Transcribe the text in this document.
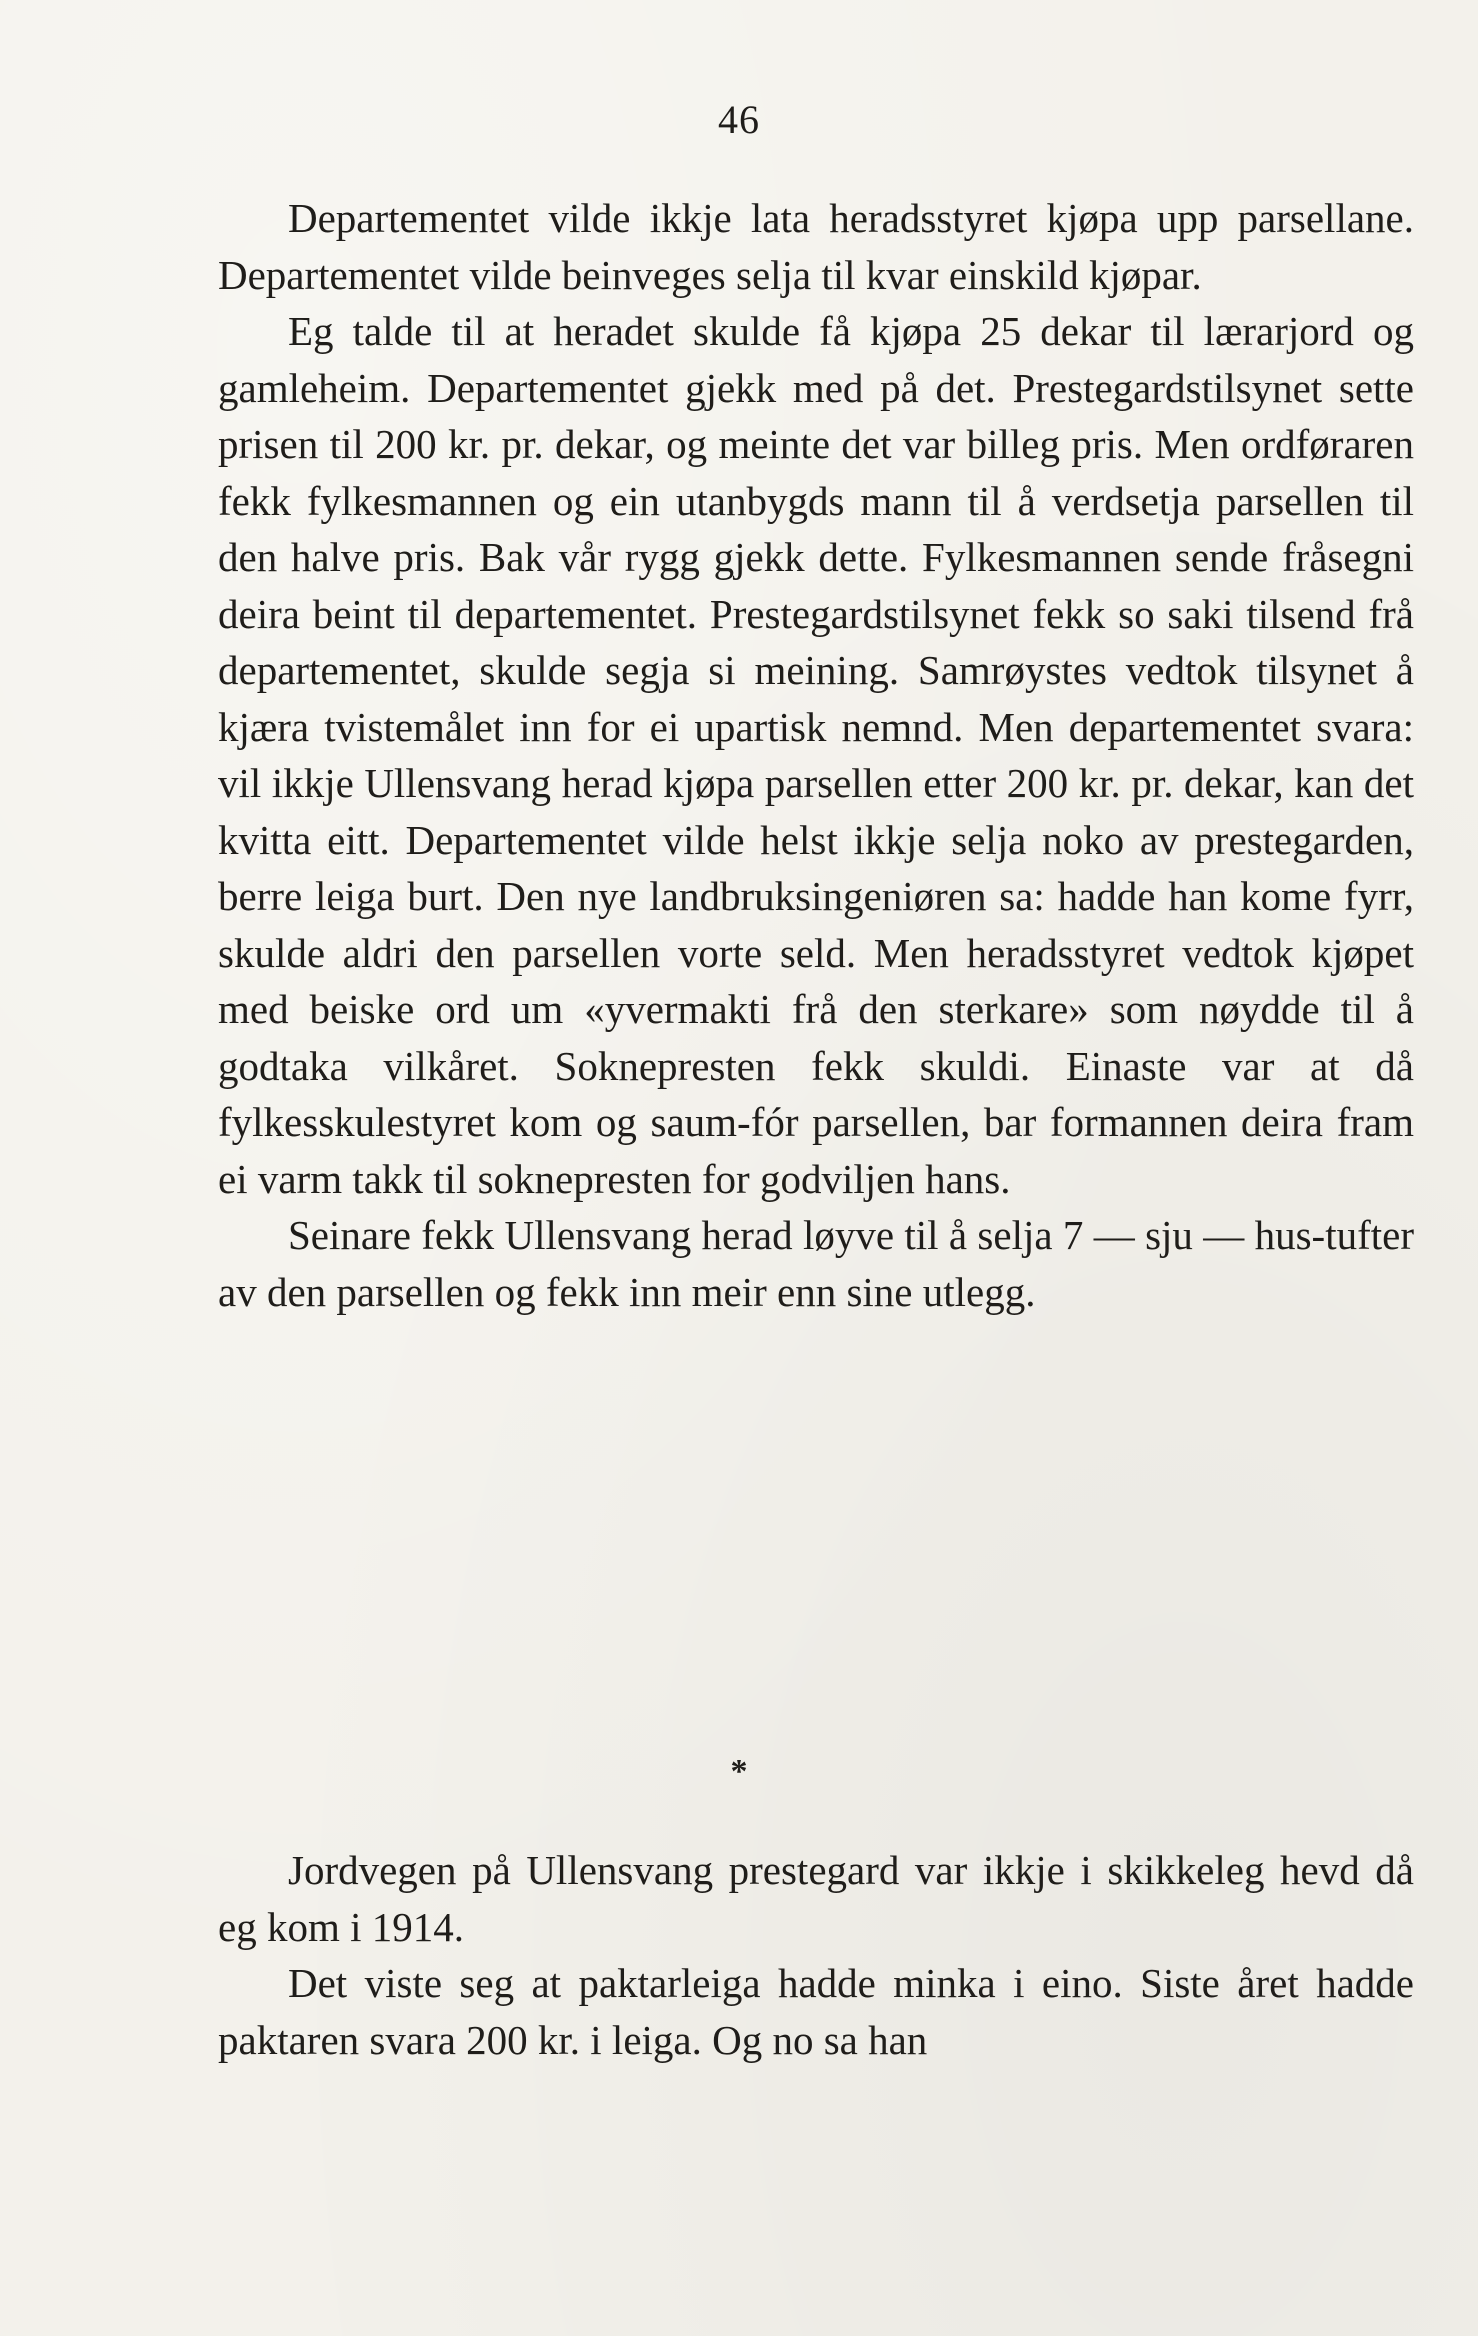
46

Departementet vilde ikkje lata heradsstyret kjøpa upp parsellane. Departementet vilde beinveges selja til kvar einskild kjøpar.

Eg talde til at heradet skulde få kjøpa 25 dekar til lærarjord og gamleheim. Departementet gjekk med på det. Prestegardstilsynet sette prisen til 200 kr. pr. dekar, og meinte det var billeg pris. Men ordføraren fekk fylkesmannen og ein utanbygds mann til å verdsetja parsellen til den halve pris. Bak vår rygg gjekk dette. Fylkesmannen sende fråsegni deira beint til departementet. Prestegardstilsynet fekk so saki tilsend frå departementet, skulde segja si meining. Samrøystes vedtok tilsynet å kjæra tvistemålet inn for ei upartisk nemnd. Men departementet svara: vil ikkje Ullensvang herad kjøpa parsellen etter 200 kr. pr. dekar, kan det kvitta eitt. Departementet vilde helst ikkje selja noko av prestegarden, berre leiga burt. Den nye landbruksingeniøren sa: hadde han kome fyrr, skulde aldri den parsellen vorte seld. Men heradsstyret vedtok kjøpet med beiske ord um «yvermakti frå den sterkare» som nøydde til å godtaka vilkåret. Soknepresten fekk skuldi. Einaste var at då fylkesskulestyret kom og saum-fór parsellen, bar formannen deira fram ei varm takk til soknepresten for godviljen hans.

Seinare fekk Ullensvang herad løyve til å selja 7 — sju — hus-tufter av den parsellen og fekk inn meir enn sine utlegg.

*

Jordvegen på Ullensvang prestegard var ikkje i skikkeleg hevd då eg kom i 1914.

Det viste seg at paktarleiga hadde minka i eino. Siste året hadde paktaren svara 200 kr. i leiga. Og no sa han
